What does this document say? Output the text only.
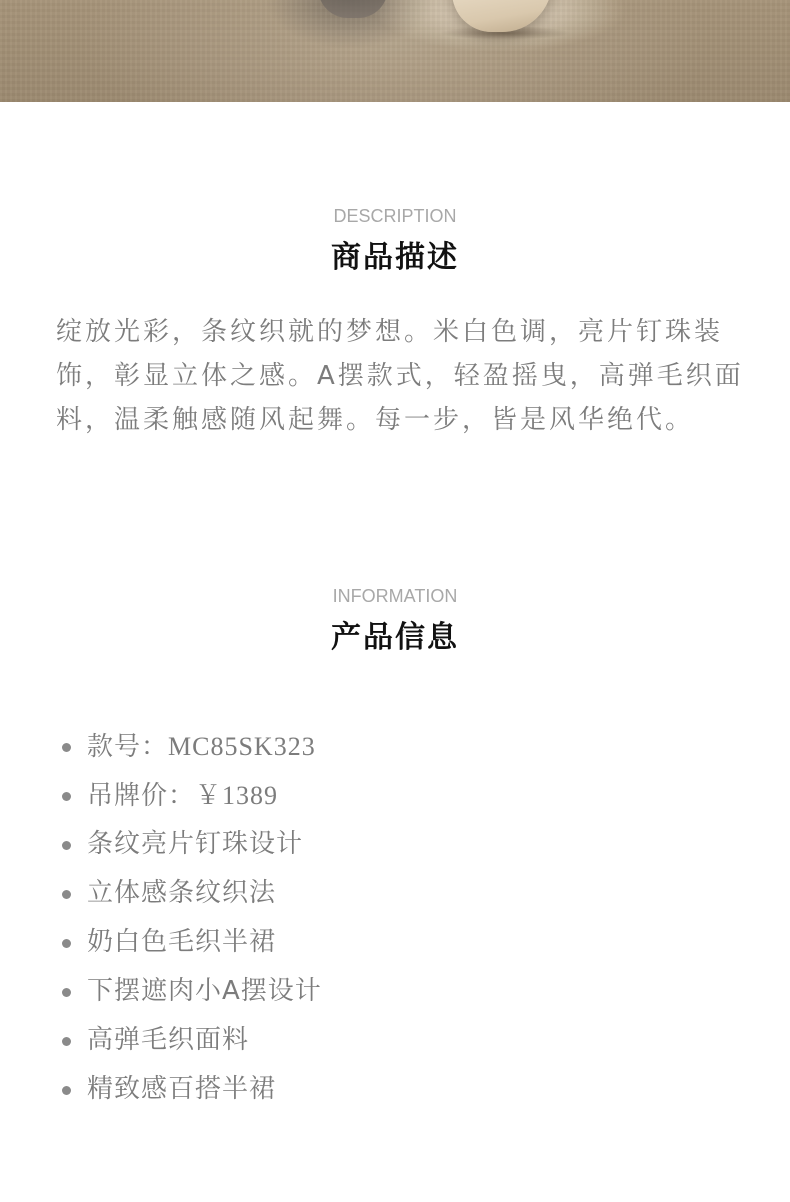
DESCRIPTION
商品描述

绽放光彩，条纹织就的梦想。米白色调，亮片钉珠装饰，彰显立体之感。A摆款式，轻盈摇曳，高弹毛织面料，温柔触感随风起舞。每一步，皆是风华绝代。

INFORMATION
产品信息
款号：MC85SK323
吊牌价：￥1389
条纹亮片钉珠设计
立体感条纹织法
奶白色毛织半裙
下摆遮肉小A摆设计
高弹毛织面料
精致感百搭半裙
